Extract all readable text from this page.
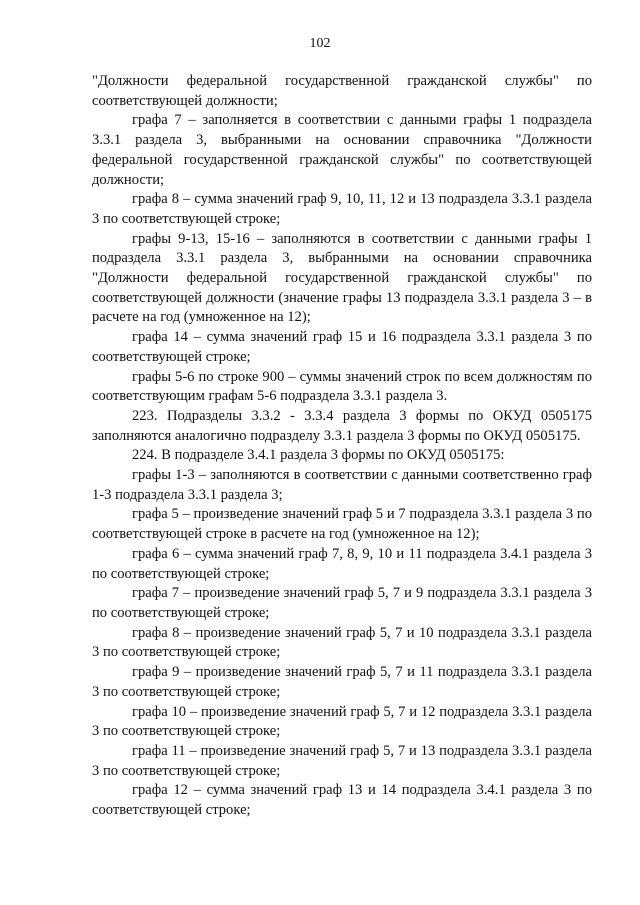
102

"Должности федеральной государственной гражданской службы" по соответствующей должности;

графа 7 – заполняется в соответствии с данными графы 1 подраздела 3.3.1 раздела 3, выбранными на основании справочника "Должности федеральной государственной гражданской службы" по соответствующей должности;

графа 8 – сумма значений граф 9, 10, 11, 12 и 13 подраздела 3.3.1 раздела 3 по соответствующей строке;

графы 9-13, 15-16 – заполняются в соответствии с данными графы 1 подраздела 3.3.1 раздела 3, выбранными на основании справочника "Должности федеральной государственной гражданской службы" по соответствующей должности (значение графы 13 подраздела 3.3.1 раздела 3 – в расчете на год (умноженное на 12);

графа 14 – сумма значений граф 15 и 16 подраздела 3.3.1 раздела 3 по соответствующей строке;

графы 5-6 по строке 900 – суммы значений строк по всем должностям по соответствующим графам 5-6 подраздела 3.3.1 раздела 3.

223. Подразделы 3.3.2 - 3.3.4 раздела 3 формы по ОКУД 0505175 заполняются аналогично подразделу 3.3.1 раздела 3 формы по ОКУД 0505175.

224. В подразделе 3.4.1 раздела 3 формы по ОКУД 0505175:

графы 1-3 – заполняются в соответствии с данными соответственно граф 1-3 подраздела 3.3.1 раздела 3;

графа 5 – произведение значений граф 5 и 7 подраздела 3.3.1 раздела 3 по соответствующей строке в расчете на год (умноженное на 12);

графа 6 – сумма значений граф 7, 8, 9, 10 и 11 подраздела 3.4.1 раздела 3 по соответствующей строке;

графа 7 – произведение значений граф 5, 7 и 9 подраздела 3.3.1 раздела 3 по соответствующей строке;

графа 8 – произведение значений граф 5, 7 и 10 подраздела 3.3.1 раздела 3 по соответствующей строке;

графа 9 – произведение значений граф 5, 7 и 11 подраздела 3.3.1 раздела 3 по соответствующей строке;

графа 10 – произведение значений граф 5, 7 и 12 подраздела 3.3.1 раздела 3 по соответствующей строке;

графа 11 – произведение значений граф 5, 7 и 13 подраздела 3.3.1 раздела 3 по соответствующей строке;

графа 12 – сумма значений граф 13 и 14 подраздела 3.4.1 раздела 3 по соответствующей строке;
